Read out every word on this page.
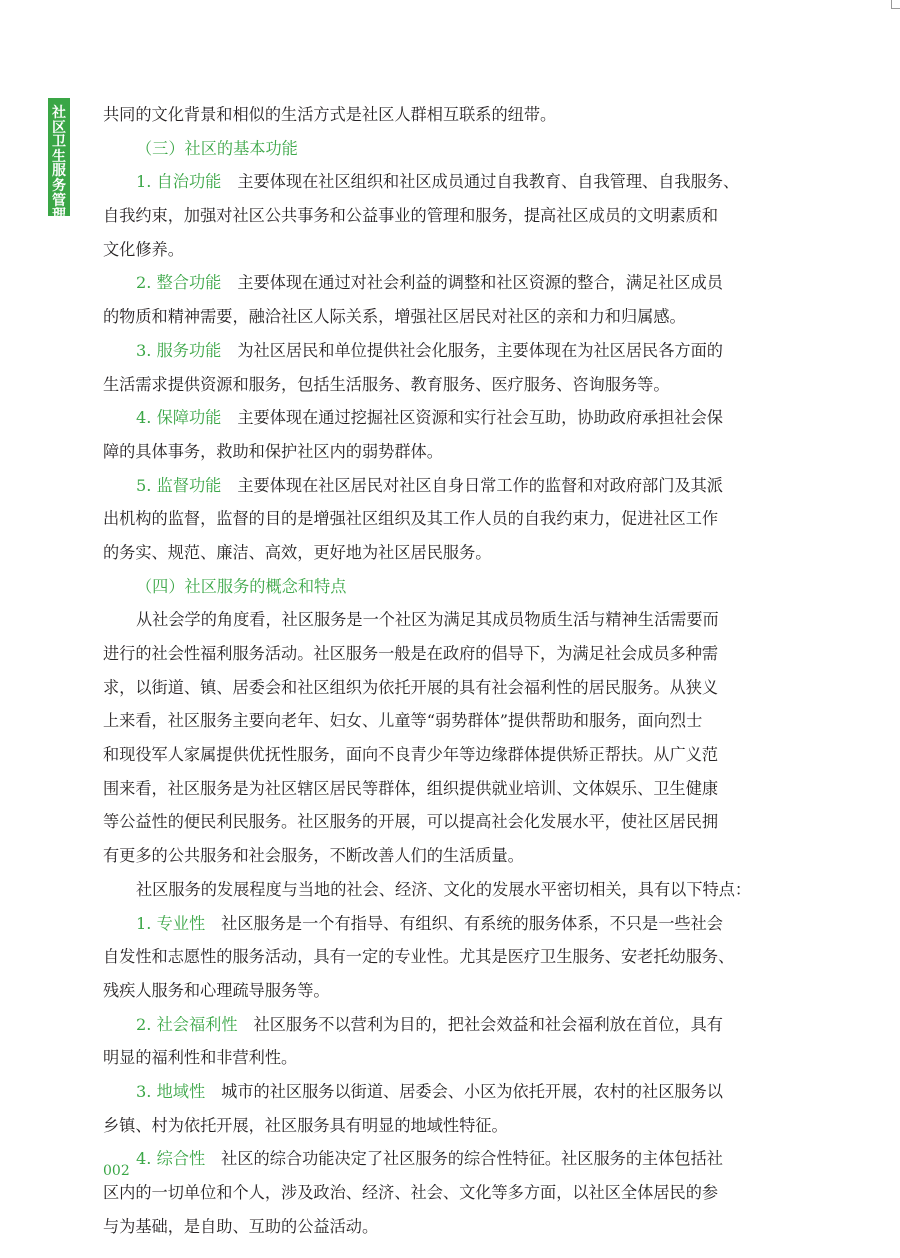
社
区
卫
生
服
务
管
理
共同的文化背景和相似的生活方式是社区人群相互联系的纽带。
（三）社区的基本功能
1. 自治功能 主要体现在社区组织和社区成员通过自我教育、自我管理、自我服务、
自我约束，加强对社区公共事务和公益事业的管理和服务，提高社区成员的文明素质和
文化修养。
2. 整合功能 主要体现在通过对社会利益的调整和社区资源的整合，满足社区成员
的物质和精神需要，融洽社区人际关系，增强社区居民对社区的亲和力和归属感。
3. 服务功能 为社区居民和单位提供社会化服务，主要体现在为社区居民各方面的
生活需求提供资源和服务，包括生活服务、教育服务、医疗服务、咨询服务等。
4. 保障功能 主要体现在通过挖掘社区资源和实行社会互助，协助政府承担社会保
障的具体事务，救助和保护社区内的弱势群体。
5. 监督功能 主要体现在社区居民对社区自身日常工作的监督和对政府部门及其派
出机构的监督，监督的目的是增强社区组织及其工作人员的自我约束力，促进社区工作
的务实、规范、廉洁、高效，更好地为社区居民服务。
（四）社区服务的概念和特点
从社会学的角度看，社区服务是一个社区为满足其成员物质生活与精神生活需要而
进行的社会性福利服务活动。社区服务一般是在政府的倡导下，为满足社会成员多种需
求，以街道、镇、居委会和社区组织为依托开展的具有社会福利性的居民服务。从狭义
上来看，社区服务主要向老年、妇女、儿童等“弱势群体”提供帮助和服务，面向烈士
和现役军人家属提供优抚性服务，面向不良青少年等边缘群体提供矫正帮扶。从广义范
围来看，社区服务是为社区辖区居民等群体，组织提供就业培训、文体娱乐、卫生健康
等公益性的便民利民服务。社区服务的开展，可以提高社会化发展水平，使社区居民拥
有更多的公共服务和社会服务，不断改善人们的生活质量。
社区服务的发展程度与当地的社会、经济、文化的发展水平密切相关，具有以下特点：
1. 专业性 社区服务是一个有指导、有组织、有系统的服务体系，不只是一些社会
自发性和志愿性的服务活动，具有一定的专业性。尤其是医疗卫生服务、安老托幼服务、
残疾人服务和心理疏导服务等。
2. 社会福利性 社区服务不以营利为目的，把社会效益和社会福利放在首位，具有
明显的福利性和非营利性。
3. 地域性 城市的社区服务以街道、居委会、小区为依托开展，农村的社区服务以
乡镇、村为依托开展，社区服务具有明显的地域性特征。
4. 综合性 社区的综合功能决定了社区服务的综合性特征。社区服务的主体包括社
区内的一切单位和个人，涉及政治、经济、社会、文化等多方面，以社区全体居民的参
与为基础，是自助、互助的公益活动。
002
